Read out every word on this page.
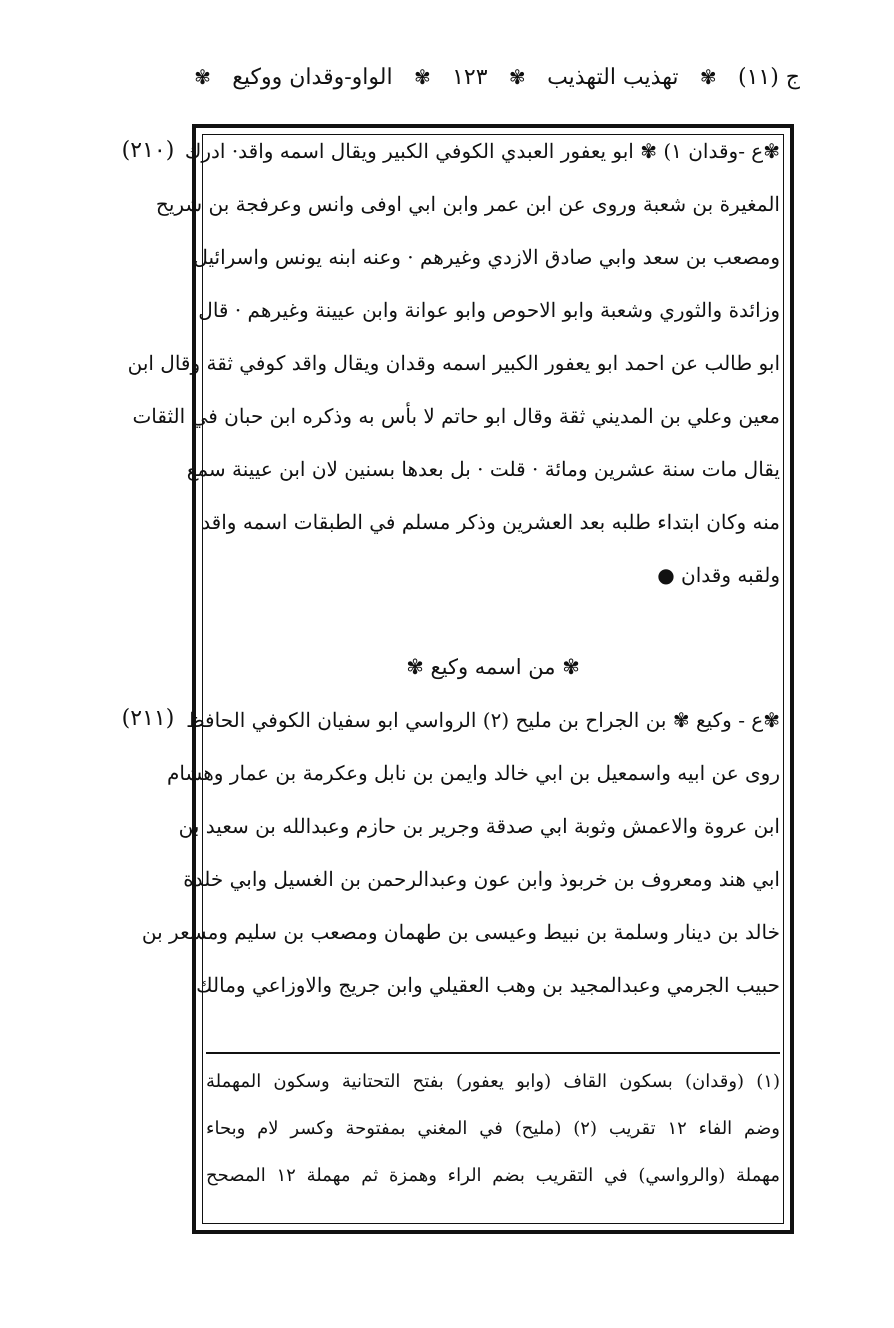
ج (١١)
✾
تهذيب التهذيب
✾
١٢٣
✾
الواو-وقدان ووكيع
✾
(٢١٠)
(٢١١)
✾ع -وقدان ١) ✾ ابو يعفور العبدي الكوفي الكبير ويقال اسمه واقد· ادرك
المغيرة بن شعبة وروى عن ابن عمر وابن ابي اوفى وانس وعرفجة بن شريح
ومصعب بن سعد وابي صادق الازدي وغيرهم · وعنه ابنه يونس واسرائيل
وزائدة والثوري وشعبة وابو الاحوص وابو عوانة وابن عيينة وغيرهم · قال
ابو طالب عن احمد ابو يعفور الكبير اسمه وقدان ويقال واقد كوفي ثقة وقال ابن
معين وعلي بن المديني ثقة وقال ابو حاتم لا بأس به وذكره ابن حبان في الثقات
يقال مات سنة عشرين ومائة · قلت · بل بعدها بسنين لان ابن عيينة سمع
منه وكان ابتداء طلبه بعد العشرين وذكر مسلم في الطبقات اسمه واقد
ولقبه وقدان ●
✾ من اسمه وكيع ✾
✾ع - وكيع ✾ بن الجراح بن مليح (٢) الرواسي ابو سفيان الكوفي الحافظ
روى عن ابيه واسمعيل بن ابي خالد وايمن بن نابل وعكرمة بن عمار وهشام
ابن عروة والاعمش وثوبة ابي صدقة وجرير بن حازم وعبدالله بن سعيد بن
ابي هند ومعروف بن خربوذ وابن عون وعبدالرحمن بن الغسيل وابي خلدة
خالد بن دينار وسلمة بن نبيط وعيسى بن طهمان ومصعب بن سليم ومسعر بن
حبيب الجرمي وعبدالمجيد بن وهب العقيلي وابن جريج والاوزاعي ومالك
(١) (وقدان) بسكون القاف (وابو يعفور) بفتح التحتانية وسكون المهملة
وضم الفاء ١٢ تقريب (٢) (مليح) في المغني بمفتوحة وكسر لام وبحاء
مهملة (والرواسي) في التقريب بضم الراء وهمزة ثم مهملة ١٢ المصحح
